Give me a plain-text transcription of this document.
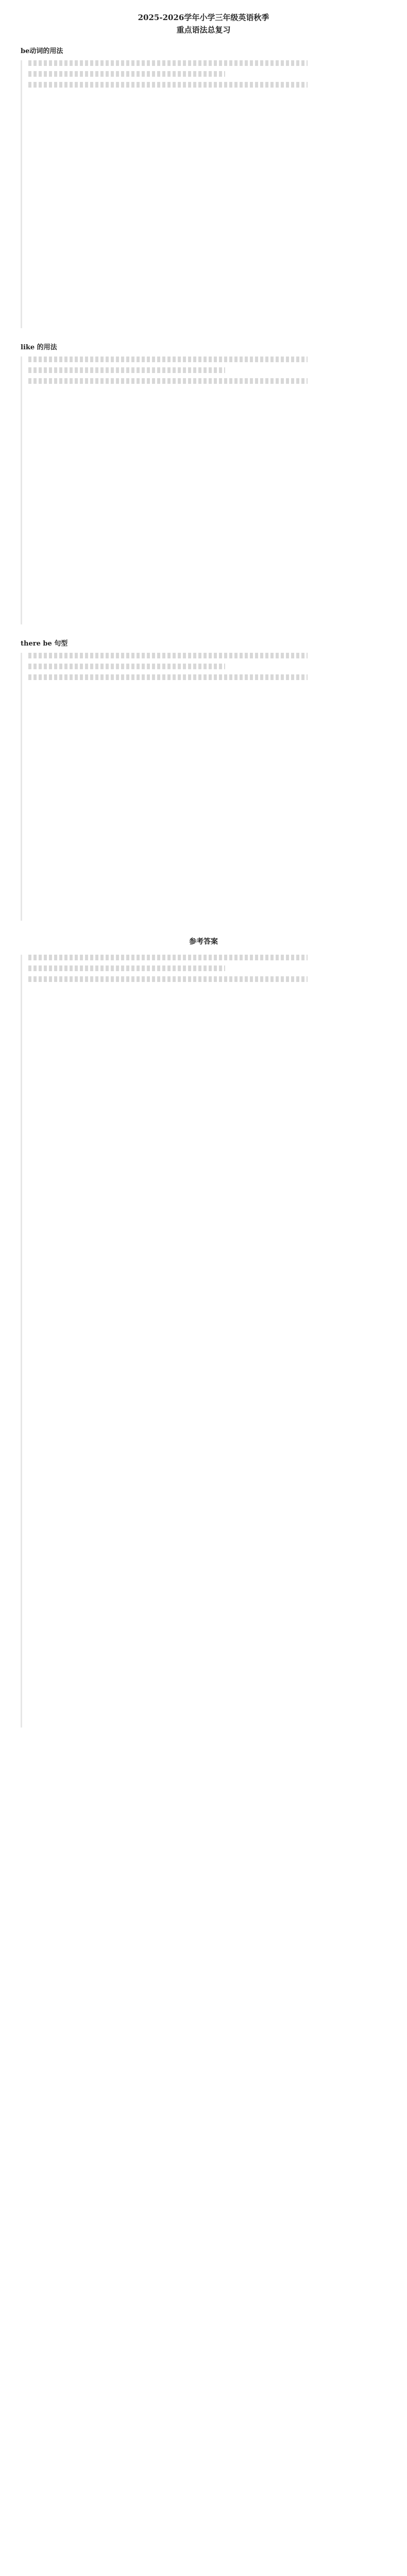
2025-2026学年小学三年级英语秋季
重点语法总复习
be动词的用法
like 的用法
there be 句型
参考答案
